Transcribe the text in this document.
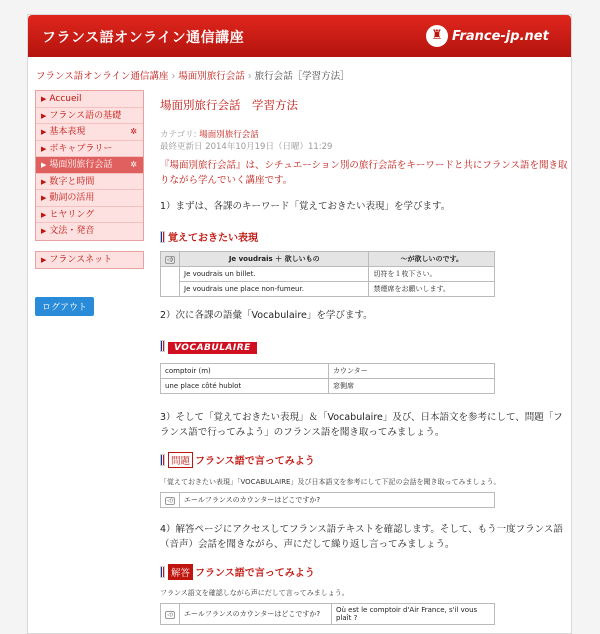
フランス語オンライン通信講座	♜ France-jp.net
フランス語オンライン通信講座 › 場面別旅行会話 › 旅行会話［学習方法］
▶ Accueil
▶ フランス語の基礎
▶ 基本表現	✲
▶ ボキャブラリー
▶ 場面別旅行会話 ✲
▶ 数字と時間
▶ 動詞の活用
▶ ヒヤリング
▶ 文法・発音
▶ フランスネット
ログアウト
場面別旅行会話　学習方法
カテゴリ: 場面別旅行会話
最終更新日 2014年10月19日（日曜）11:29
『場面別旅行会話』は、シチュエーション別の旅行会話をキーワードと共にフランス語を聞き取りながら学んでいく講座です。
1）まずは、各課のキーワード「覚えておきたい表現」を学びます。
覚えておきたい表現
◁)	Je voudrais ＋ 欲しいもの	〜が欲しいのです。
	Je voudrais un billet.	切符を１枚下さい。
	Je voudrais une place non-fumeur.	禁煙席をお願いします。
2）次に各課の語彙「Vocabulaire」を学びます。
VOCABULAIRE
comptoir (m)	カウンター
une place côté hublot	窓側席
3）そして「覚えておきたい表現」＆「Vocabulaire」及び、日本語文を参考にして、問題「フランス語で行ってみよう」のフランス語を聞き取ってみましょう。
問題 フランス語で言ってみよう
「覚えておきたい表現」「VOCABULAIRE」及び日本語文を参考にして下記の会話を聞き取ってみましょう。
◁)	エールフランスのカウンターはどこですか?
4）解答ページにアクセスしてフランス語テキストを確認します。そして、もう一度フランス語（音声）会話を聞きながら、声にだして繰り返し言ってみましょう。
解答 フランス語で言ってみよう
フランス語文を確認しながら声にだして言ってみましょう。
◁)	エールフランスのカウンターはどこですか?	Où est le comptoir d'Air France, s'il vous plaît ?
